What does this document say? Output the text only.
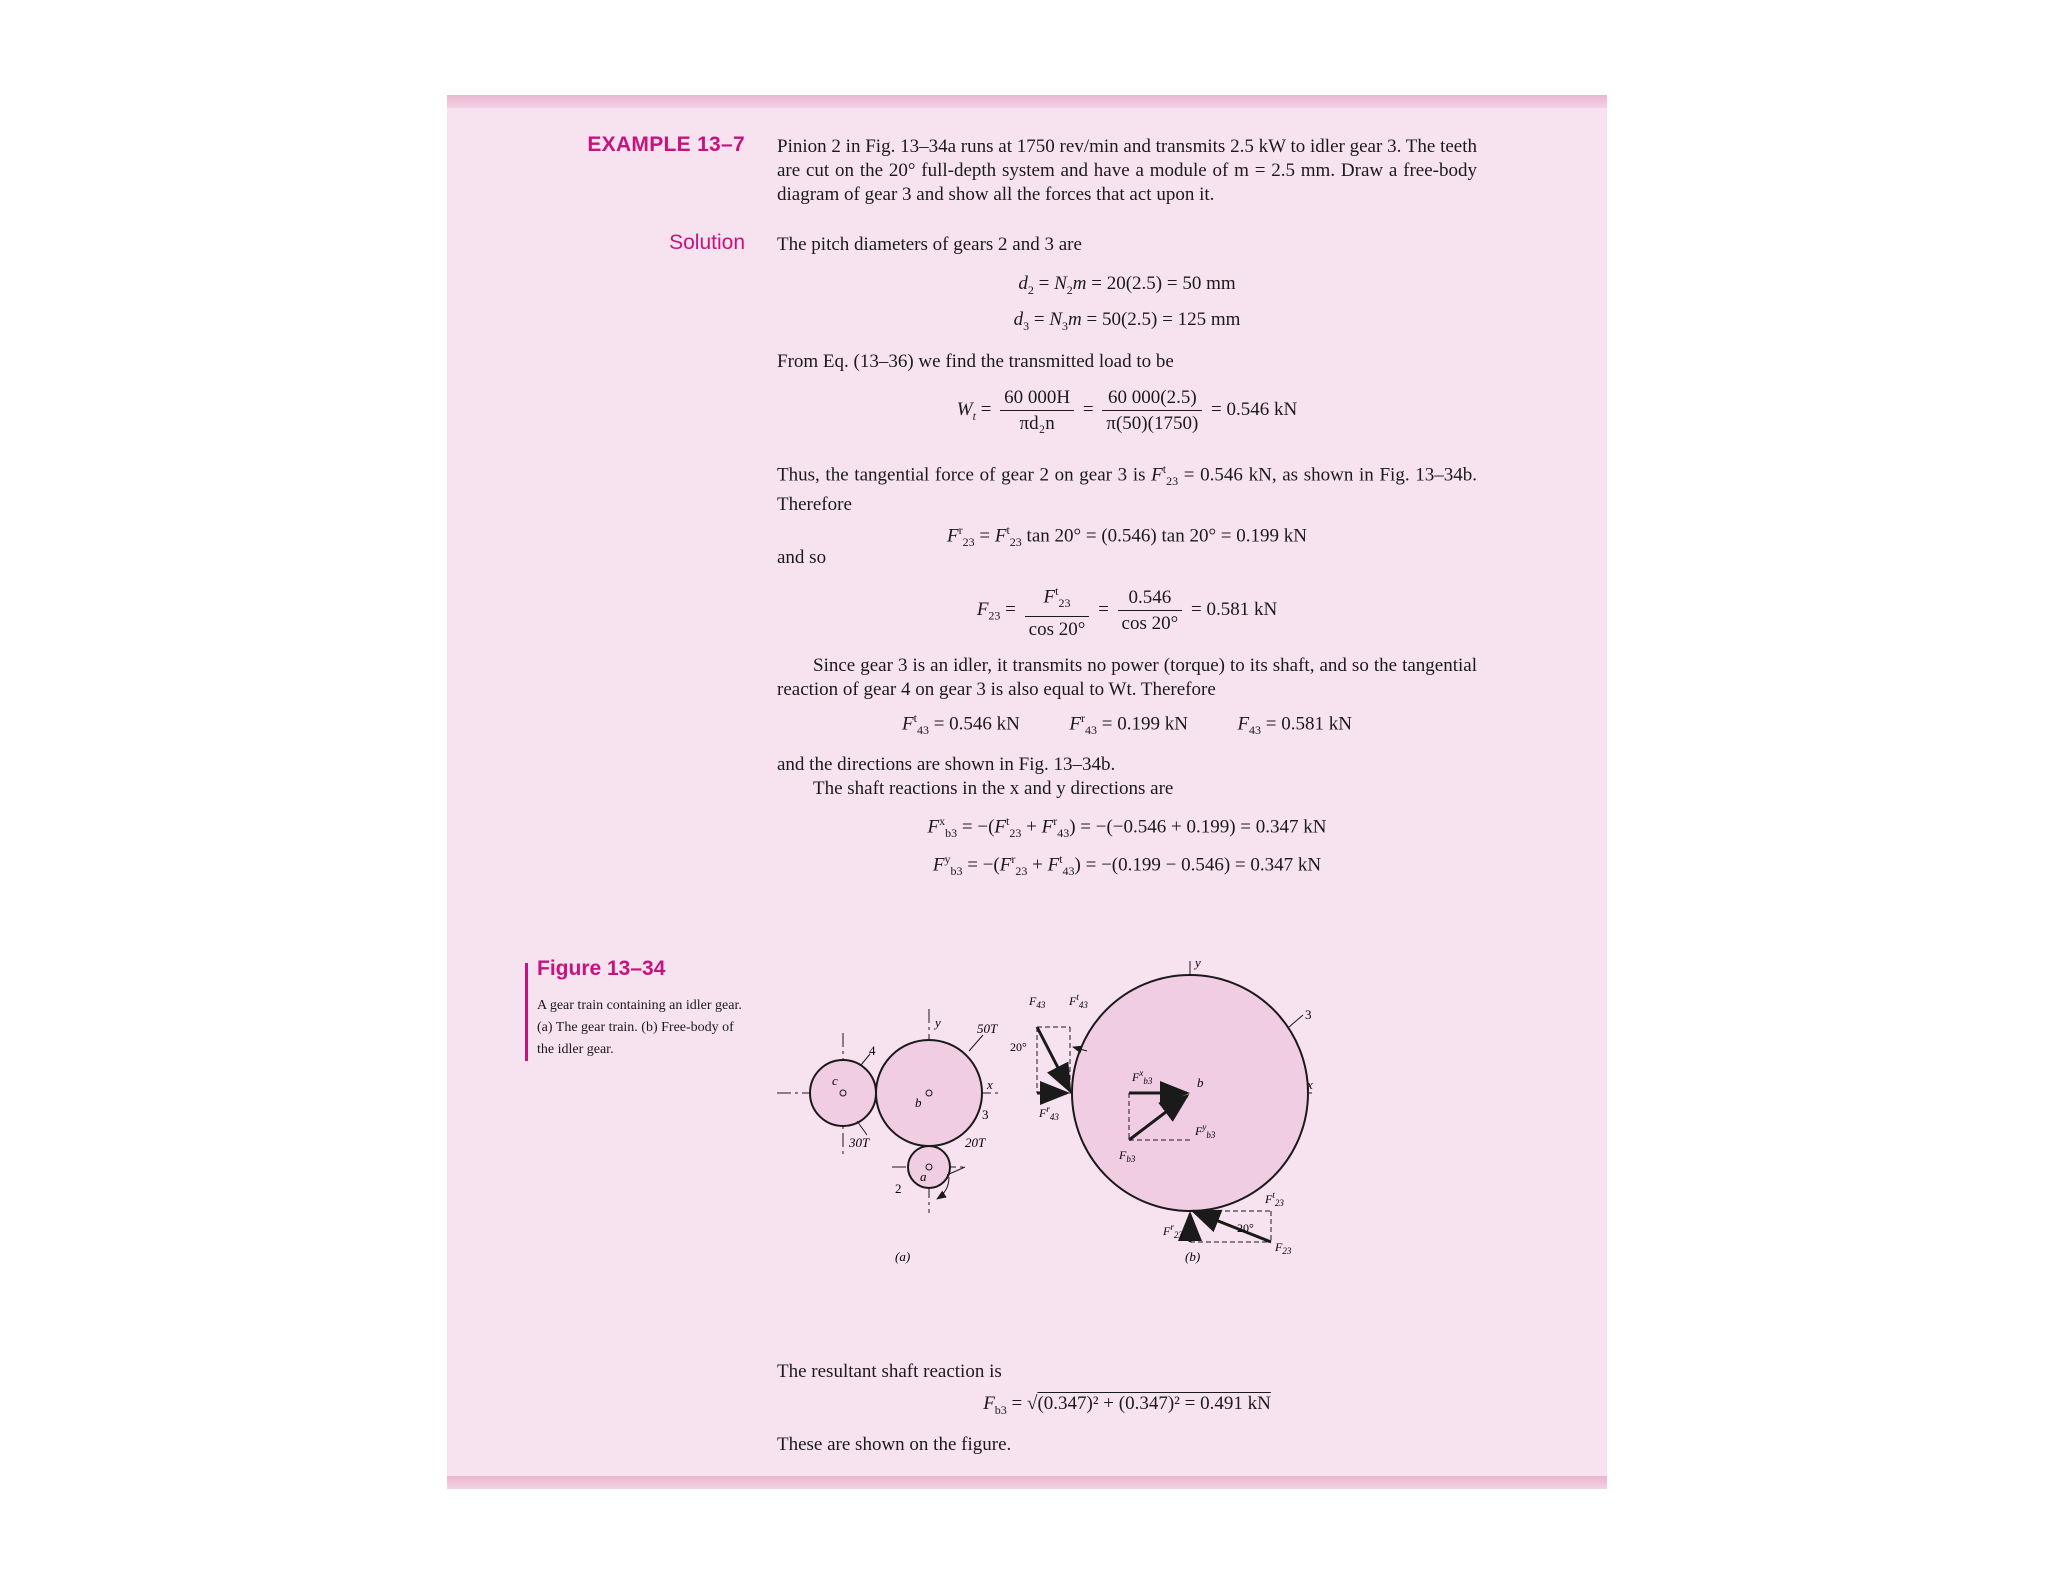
EXAMPLE 13–7 Pinion 2 in Fig. 13–34a runs at 1750 rev/min and transmits 2.5 kW to idler gear 3. The teeth are cut on the 20° full-depth system and have a module of m = 2.5 mm. Draw a free-body diagram of gear 3 and show all the forces that act upon it.
Solution The pitch diameters of gears 2 and 3 are
$d_2 = N_2m = 20(2.5) = 50$ mm
$d_3 = N_3m = 50(2.5) = 125$ mm
From Eq. (13–36) we find the transmitted load to be
$W_t = \frac{60 000H}{\text{πd₂n}} = \frac{60 000(2.5)}{\pi(50)(1750)} = 0.546$ kN
Thus, the tangential force of gear 2 on gear 3 is $F^t_{23} = 0.546$ kN, as shown in Fig. 13–34b. Therefore
$F^r_{23} = F^t_{23}$ tan 20° = (0.546) tan 20° = 0.199 kN
and so
$F_{23} = \frac{F^t_{23}}{\cos 20^\circ} = \frac{0.546}{\cos 20^\circ} = 0.581$ kN
Since gear 3 is an idler, it transmits no power (torque) to its shaft, and so the tangential reaction of gear 4 on gear 3 is also equal to Wt. Therefore
$F^t_{43} = 0.546$ kN	$F^r_{43} = 0.199$ kN	$F_{43} = 0.581$ kN
and the directions are shown in Fig. 13–34b.
The shaft reactions in the x and y directions are
$F^x_{b3} = -(F^t_{23} + F^r_{43}) = -(-0.546 + 0.199) = 0.347$ kN
$F^y_{b3} = -(F^r_{23} + F^t_{43}) = -(0.199 - 0.546) = 0.347$ kN
Figure 13–34
A gear train containing an idler gear. (a) The gear train. (b) Free-body of the idler gear.	4
50T
x
y
3
c
b
a
30T	20T
2
(a)
3
y
x
b
20°
$F_{43}$ $F^t_{43}$
$F^r_{43}$
$F^x_{b3}$
$F^y_{b3}$
$F_{b3}$
20°
$F^t_{23}$
$F^r_{23}$
$F_{23}$
(b)
The resultant shaft reaction is
$F_{b3} = √(0.347)^2 + (0.347)^2 = 0.491$ kN
These are shown on the figure.
